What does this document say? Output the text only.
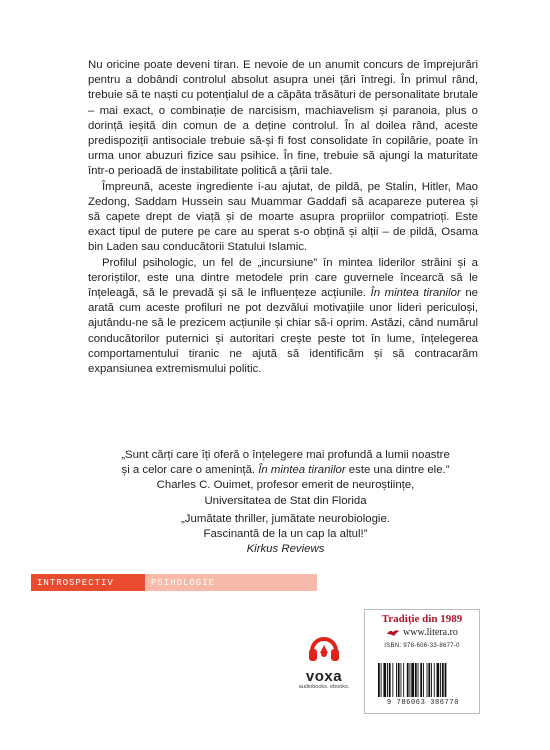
Nu oricine poate deveni tiran. E nevoie de un anumit concurs de împrejurări pentru a dobândi controlul absolut asupra unei țări întregi. În primul rând, trebuie să te naști cu potențialul de a căpăta trăsături de personalitate brutale – mai exact, o combinație de narcisism, machiavelism și paranoia, plus o dorință ieșită din comun de a deține controlul. În al doilea rând, aceste predispoziții antisociale trebuie să-și fi fost consolidate în copilărie, poate în urma unor abuzuri fizice sau psihice. În fine, trebuie să ajungi la maturitate într-o perioadă de instabilitate politică a țării tale.

Împreună, aceste ingrediente i-au ajutat, de pildă, pe Stalin, Hitler, Mao Zedong, Saddam Hussein sau Muammar Gaddafi să acapareze puterea și să capete drept de viață și de moarte asupra propriilor compatrioți. Este exact tipul de putere pe care au sperat s-o obțină și alții – de pildă, Osama bin Laden sau conducătorii Statului Islamic.

Profilul psihologic, un fel de „incursiune” în mintea liderilor străini și a teroriștilor, este una dintre metodele prin care guvernele încearcă să le înțeleagă, să le prevadă și să le influențeze acțiunile. În mintea tiranilor ne arată cum aceste profiluri ne pot dezvălui motivațiile unor lideri periculoși, ajutându-ne să le prezicem acțiunile și chiar să-i oprim. Astăzi, când numărul conducătorilor puternici și autoritari crește peste tot în lume, înțelegerea comportamentului tiranic ne ajută să identificăm și să contracarăm expansiunea extremismului politic.

„Sunt cărți care îți oferă o înțelegere mai profundă a lumii noastre
și a celor care o amenință. În mintea tiranilor este una dintre ele.”
Charles C. Ouimet, profesor emerit de neuroștiințe,
Universitatea de Stat din Florida
„Jumătate thriller, jumătate neurobiologie.
Fascinantă de la un cap la altul!”
Kirkus Reviews
INTROSPECTIV	PSIHOLOGIE
voxa
audiobooks. ebooks.
Tradiție din 1989
www.litera.ro
ISBN: 978-606-33-8677-0
9 786063 386770
